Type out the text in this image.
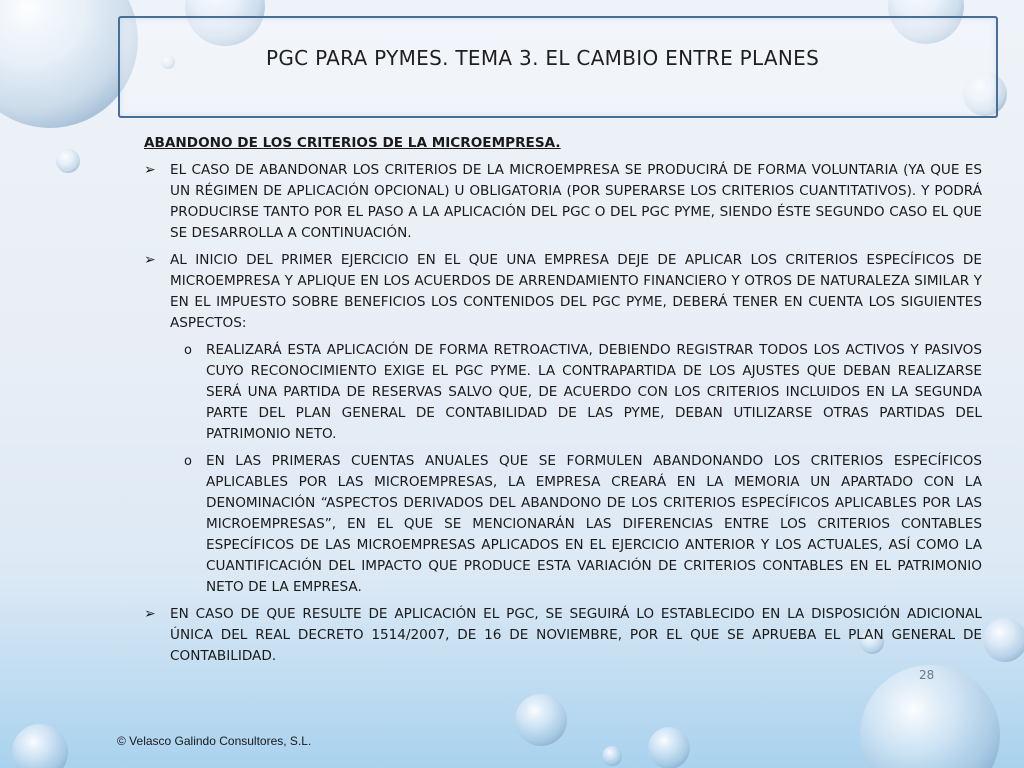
PGC PARA PYMES. TEMA 3. EL CAMBIO ENTRE PLANES
ABANDONO DE LOS CRITERIOS DE LA MICROEMPRESA.
➢ EL CASO DE ABANDONAR LOS CRITERIOS DE LA MICROEMPRESA SE PRODUCIRÁ DE FORMA VOLUNTARIA (YA QUE ES UN RÉGIMEN DE APLICACIÓN OPCIONAL) U OBLIGATORIA (POR SUPERARSE LOS CRITERIOS CUANTITATIVOS). Y PODRÁ PRODUCIRSE TANTO POR EL PASO A LA APLICACIÓN DEL PGC O DEL PGC PYME, SIENDO ÉSTE SEGUNDO CASO EL QUE SE DESARROLLA A CONTINUACIÓN.
➢ AL INICIO DEL PRIMER EJERCICIO EN EL QUE UNA EMPRESA DEJE DE APLICAR LOS CRITERIOS ESPECÍFICOS DE MICROEMPRESA Y APLIQUE EN LOS ACUERDOS DE ARRENDAMIENTO FINANCIERO Y OTROS DE NATURALEZA SIMILAR Y EN EL IMPUESTO SOBRE BENEFICIOS LOS CONTENIDOS DEL PGC PYME, DEBERÁ TENER EN CUENTA LOS SIGUIENTES ASPECTOS:
o REALIZARÁ ESTA APLICACIÓN DE FORMA RETROACTIVA, DEBIENDO REGISTRAR TODOS LOS ACTIVOS Y PASIVOS CUYO RECONOCIMIENTO EXIGE EL PGC PYME. LA CONTRAPARTIDA DE LOS AJUSTES QUE DEBAN REALIZARSE SERÁ UNA PARTIDA DE RESERVAS SALVO QUE, DE ACUERDO CON LOS CRITERIOS INCLUIDOS EN LA SEGUNDA PARTE DEL PLAN GENERAL DE CONTABILIDAD DE LAS PYME, DEBAN UTILIZARSE OTRAS PARTIDAS DEL PATRIMONIO NETO.
o EN LAS PRIMERAS CUENTAS ANUALES QUE SE FORMULEN ABANDONANDO LOS CRITERIOS ESPECÍFICOS APLICABLES POR LAS MICROEMPRESAS, LA EMPRESA CREARÁ EN LA MEMORIA UN APARTADO CON LA DENOMINACIÓN “ASPECTOS DERIVADOS DEL ABANDONO DE LOS CRITERIOS ESPECÍFICOS APLICABLES POR LAS MICROEMPRESAS”, EN EL QUE SE MENCIONARÁN LAS DIFERENCIAS ENTRE LOS CRITERIOS CONTABLES ESPECÍFICOS DE LAS MICROEMPRESAS APLICADOS EN EL EJERCICIO ANTERIOR Y LOS ACTUALES, ASÍ COMO LA CUANTIFICACIÓN DEL IMPACTO QUE PRODUCE ESTA VARIACIÓN DE CRITERIOS CONTABLES EN EL PATRIMONIO NETO DE LA EMPRESA.
➢ EN CASO DE QUE RESULTE DE APLICACIÓN EL PGC, SE SEGUIRÁ LO ESTABLECIDO EN LA DISPOSICIÓN ADICIONAL ÚNICA DEL REAL DECRETO 1514/2007, DE 16 DE NOVIEMBRE, POR EL QUE SE APRUEBA EL PLAN GENERAL DE CONTABILIDAD.
28
© Velasco Galindo Consultores, S.L.
